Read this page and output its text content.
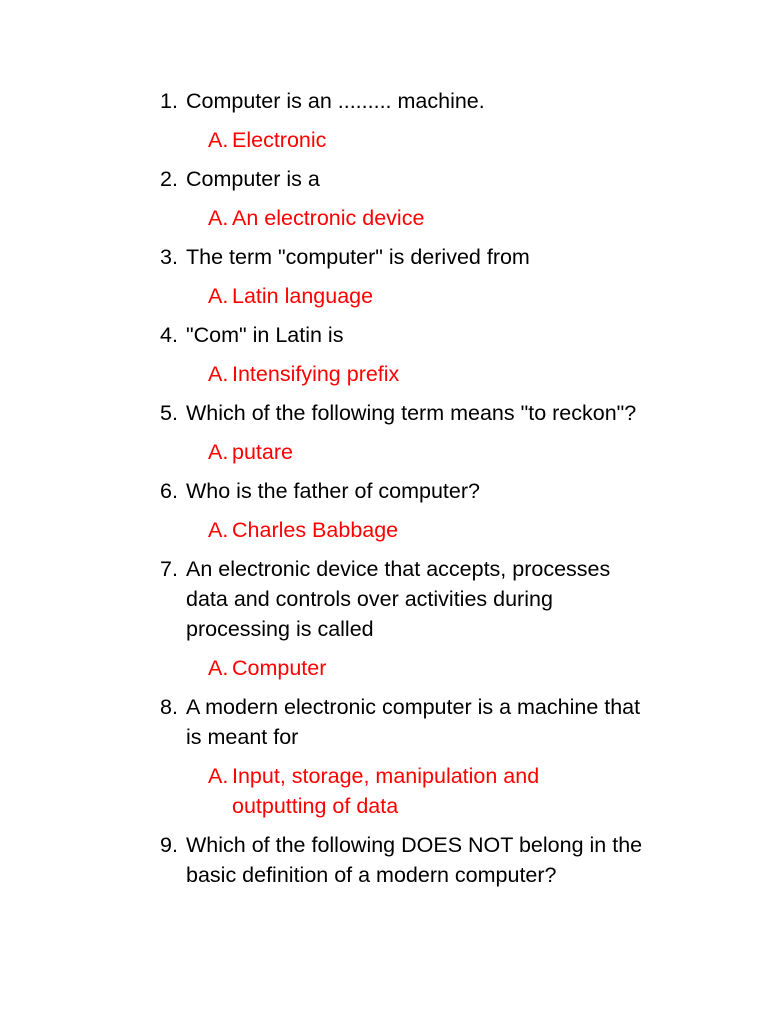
1. Computer is an ......... machine.
A. Electronic
2. Computer is a
A. An electronic device
3. The term "computer" is derived from
A. Latin language
4. "Com" in Latin is
A. Intensifying prefix
5. Which of the following term means "to reckon"?
A. putare
6. Who is the father of computer?
A. Charles Babbage
7. An electronic device that accepts, processes data and controls over activities during processing is called
A. Computer
8. A modern electronic computer is a machine that is meant for
A. Input, storage, manipulation and outputting of data
9. Which of the following DOES NOT belong in the basic definition of a modern computer?
